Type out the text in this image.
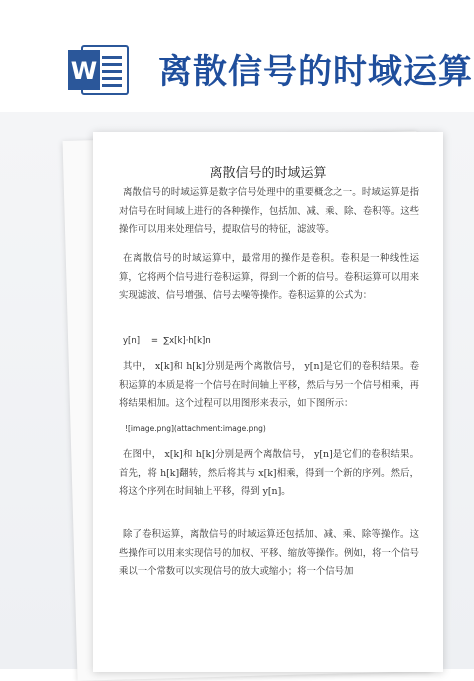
W 离散信号的时域运算
离散信号的时域运算

离散信号的时域运算是数字信号处理中的重要概念之一。时域运算是指对信号在时间域上进行的各种操作，包括加、减、乘、除、卷积等。这些操作可以用来处理信号，提取信号的特征，滤波等。

在离散信号的时域运算中，最常用的操作是卷积。卷积是一种线性运算，它将两个信号进行卷积运算，得到一个新的信号。卷积运算可以用来实现滤波、信号增强、信号去噪等操作。卷积运算的公式为：

y[n]    =  ∑x[k]·h[k]n

其中， x[k]和 h[k]分别是两个离散信号， y[n]是它们的卷积结果。卷积运算的本质是将一个信号在时间轴上平移，然后与另一个信号相乘，再将结果相加。这个过程可以用图形来表示，如下图所示：

![image.png](attachment:image.png)

在图中， x[k]和 h[k]分别是两个离散信号， y[n]是它们的卷积结果。首先，将 h[k]翻转，然后将其与 x[k]相乘，得到一个新的序列。然后，将这个序列在时间轴上平移，得到 y[n]。

除了卷积运算，离散信号的时域运算还包括加、减、乘、除等操作。这些操作可以用来实现信号的加权、平移、缩放等操作。例如，将一个信号乘以一个常数可以实现信号的放大或缩小；将一个信号加
